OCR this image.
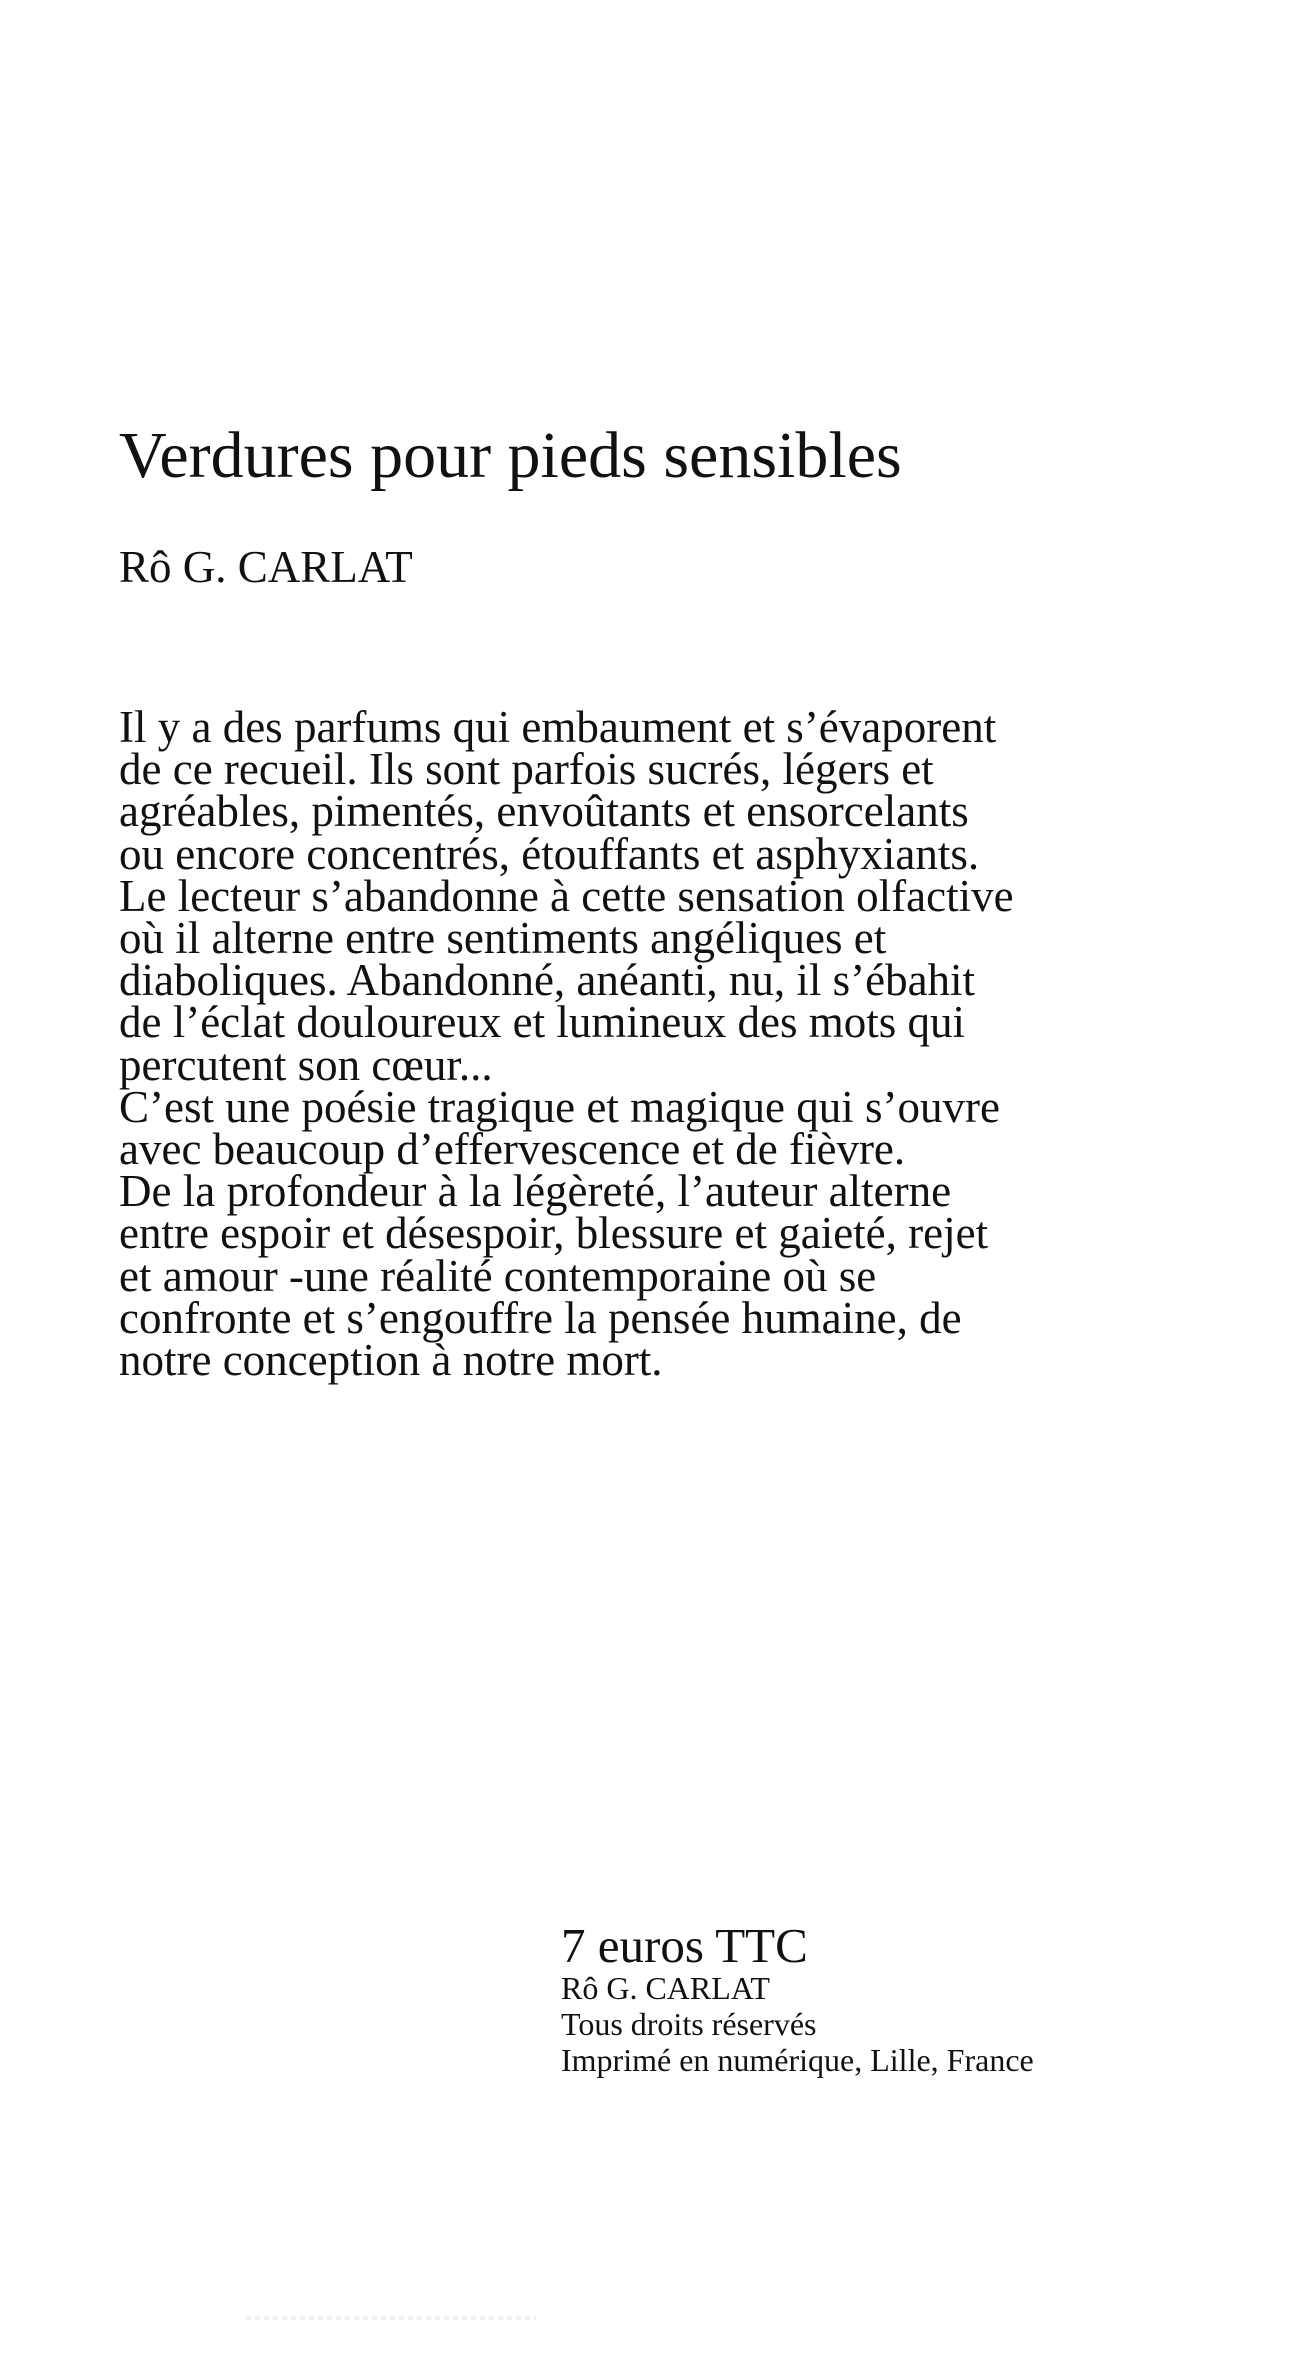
Verdures pour pieds sensibles
Rô G. CARLAT

Il y a des parfums qui embaument et s’évaporent de ce recueil. Ils sont parfois sucrés, légers et agréables, pimentés, envoûtants et ensorcelants ou encore concentrés, étouffants et asphyxiants.

Le lecteur s’abandonne à cette sensation olfactive où il alterne entre sentiments angéliques et diaboliques. Abandonné, anéanti, nu, il s’ébahit de l’éclat douloureux et lumineux des mots qui percutent son cœur...

C’est une poésie tragique et magique qui s’ouvre avec beaucoup d’effervescence et de fièvre.

De la profondeur à la légèreté, l’auteur alterne entre espoir et désespoir, blessure et gaieté, rejet et amour -une réalité contemporaine où se confronte et s’engouffre la pensée humaine, de notre conception à notre mort.

7 euros TTC

Rô G. CARLAT

Tous droits réservés

Imprimé en numérique, Lille, France
